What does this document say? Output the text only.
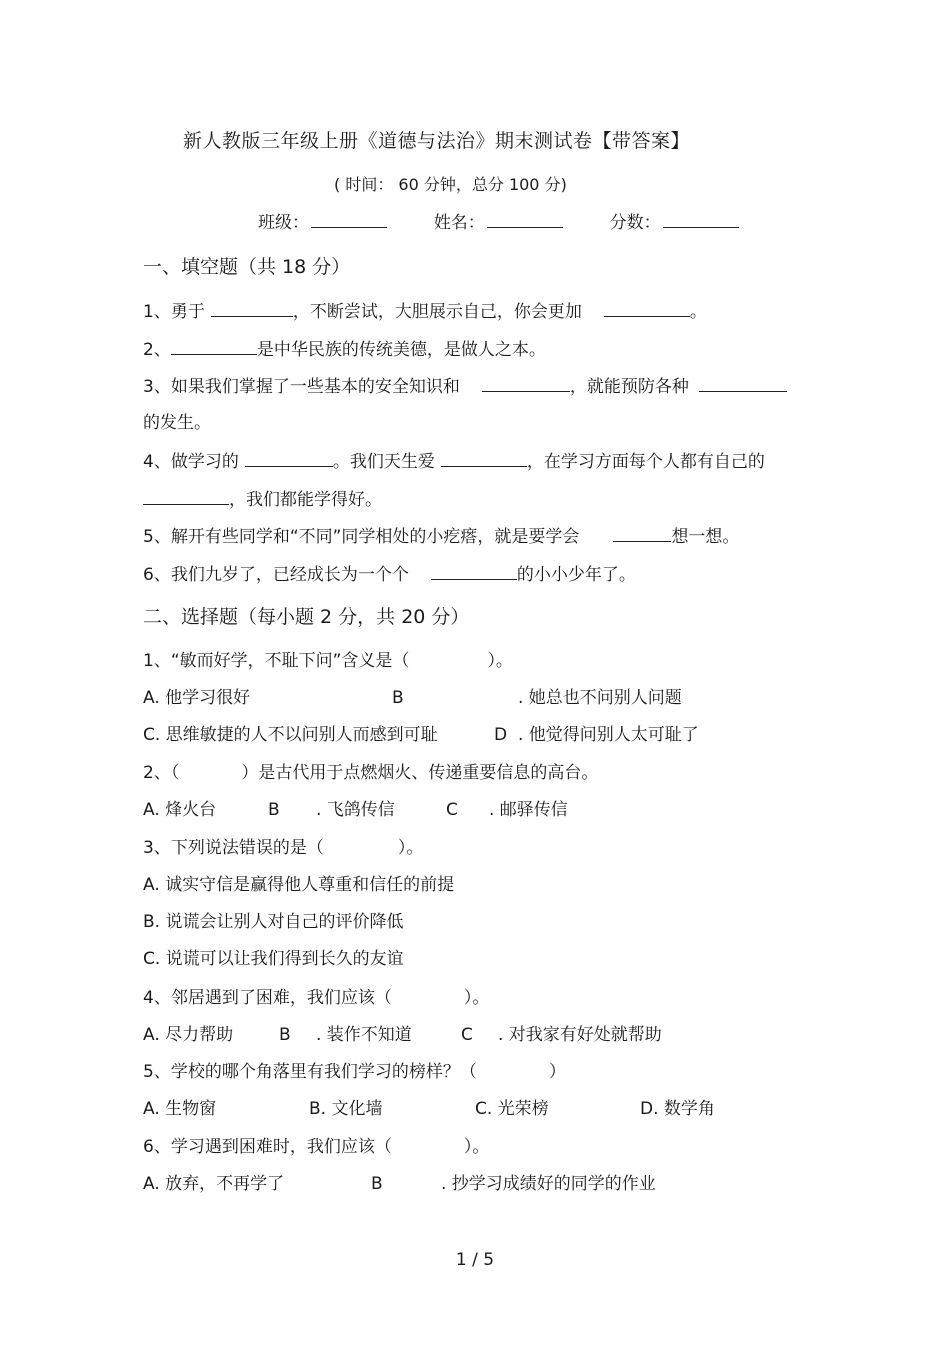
新人教版三年级上册《道德与法治》期末测试卷【带答案】
( 时间： 60 分钟，总分 100 分)
班级：	姓名：	分数：
一、填空题（共 18 分）
1、勇于	，不断尝试，大胆展示自己，你会更加	。
2、	是中华民族的传统美德，是做人之本。
3、如果我们掌握了一些基本的安全知识和	，就能预防各种
的发生。
4、做学习的	。我们天生爱	，在学习方面每个人都有自己的
，我们都能学得好。
5、解开有些同学和“不同”同学相处的小疙瘩，就是要学会	想一想。
6、我们九岁了，已经成长为一个个	的小小少年了。
二、选择题（每小题 2 分，共 20 分）
1、“敏而好学，不耻下问”含义是（	）。
A. 他学习很好	B	. 她总也不问别人问题
C. 思维敏捷的人不以问别人而感到可耻	D . 他觉得问别人太可耻了
2、（	）是古代用于点燃烟火、传递重要信息的高台。
A. 烽火台	B . 飞鸽传信	C . 邮驿传信
3、下列说法错误的是（	）。
A. 诚实守信是赢得他人尊重和信任的前提
B. 说谎会让别人对自己的评价降低
C. 说谎可以让我们得到长久的友谊
4、邻居遇到了困难，我们应该（	）。
A. 尽力帮助	B . 装作不知道	C . 对我家有好处就帮助
5、学校的哪个角落里有我们学习的榜样？（	）
A. 生物窗	B. 文化墙	C. 光荣榜	D. 数学角
6、学习遇到困难时，我们应该（	）。
A. 放弃，不再学了	B	. 抄学习成绩好的同学的作业
1 / 5
